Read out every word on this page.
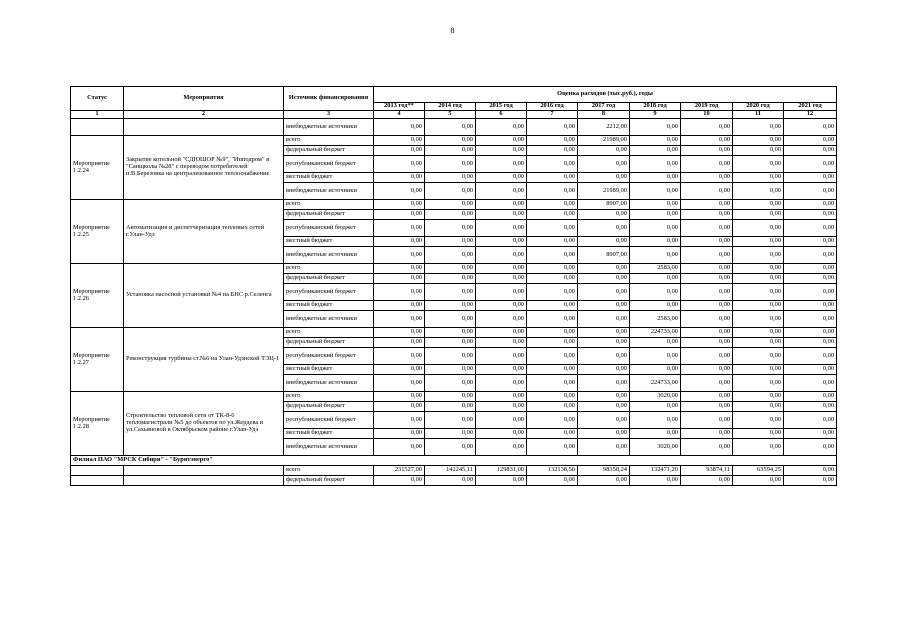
8
Статус	Мероприятия	Источник финансирования	Оценка расходов (тыс.руб.), годы								
			2013 год**	2014 год	2015 год	2016 год	2017 год	2018 год	2019 год	2020 год	2021 год
1	2	3	4	5	6	7	8	9	10	11	12
		внебюджетные источники	0,00	0,00	0,00	0,00	2212,00	0,00	0,00	0,00	0,00
Мероприятие 1.2.24	Закрытие котельной "СДЮШОР №9", "Ипподром" и "Санщколы №28" с переводом потребителей п.В.Березовка на централизованное теплоснабжение	всего	0,00	0,00	0,00	0,00	21989,00	0,00	0,00	0,00	0,00
		федеральный бюджет	0,00	0,00	0,00	0,00	0,00	0,00	0,00	0,00	0,00
		республиканский бюджет	0,00	0,00	0,00	0,00	0,00	0,00	0,00	0,00	0,00
		местный бюджет	0,00	0,00	0,00	0,00	0,00	0,00	0,00	0,00	0,00
		внебюджетные источники	0,00	0,00	0,00	0,00	21989,00	0,00	0,00	0,00	0,00
Мероприятие 1.2.25	Автоматизация и диспетчеризация тепловых сетей г.Улан-Удэ	всего	0,00	0,00	0,00	0,00	8907,00	0,00	0,00	0,00	0,00
		федеральный бюджет	0,00	0,00	0,00	0,00	0,00	0,00	0,00	0,00	0,00
		республиканский бюджет	0,00	0,00	0,00	0,00	0,00	0,00	0,00	0,00	0,00
		местный бюджет	0,00	0,00	0,00	0,00	0,00	0,00	0,00	0,00	0,00
		внебюджетные источники	0,00	0,00	0,00	0,00	8907,00	0,00	0,00	0,00	0,00
Мероприятие 1.2.26	Установка насосной установки №4 на БНС р.Селенга	всего	0,00	0,00	0,00	0,00	0,00	2583,00	0,00	0,00	0,00
		федеральный бюджет	0,00	0,00	0,00	0,00	0,00	0,00	0,00	0,00	0,00
		республиканский бюджет	0,00	0,00	0,00	0,00	0,00	0,00	0,00	0,00	0,00
		местный бюджет	0,00	0,00	0,00	0,00	0,00	0,00	0,00	0,00	0,00
		внебюджетные источники	0,00	0,00	0,00	0,00	0,00	2583,00	0,00	0,00	0,00
Мероприятие 1.2.27	Реконструкция турбины ст.№6 на Улан-Удэнской ТЭЦ-1	всего	0,00	0,00	0,00	0,00	0,00	224733,00	0,00	0,00	0,00
		федеральный бюджет	0,00	0,00	0,00	0,00	0,00	0,00	0,00	0,00	0,00
		республиканский бюджет	0,00	0,00	0,00	0,00	0,00	0,00	0,00	0,00	0,00
		местный бюджет	0,00	0,00	0,00	0,00	0,00	0,00	0,00	0,00	0,00
		внебюджетные источники	0,00	0,00	0,00	0,00	0,00	224733,00	0,00	0,00	0,00
Мероприятие 1.2.28	Строительство тепловой сети от ТК-8-6 тепломагистрали №5 до объектов по ул.Жердева и ул.Сахьяновой в Октябрьском районе г.Улан-Удэ	всего	0,00	0,00	0,00	0,00	0,00	3020,00	0,00	0,00	0,00
		федеральный бюджет	0,00	0,00	0,00	0,00	0,00	0,00	0,00	0,00	0,00
		республиканский бюджет	0,00	0,00	0,00	0,00	0,00	0,00	0,00	0,00	0,00
		местный бюджет	0,00	0,00	0,00	0,00	0,00	0,00	0,00	0,00	0,00
		внебюджетные источники	0,00	0,00	0,00	0,00	0,00	3020,00	0,00	0,00	0,00
Филиал ПАО "МРСК Сибири" - "Бурятэнерго"											
		всего	231527,00	142245,11	129831,00	132138,50	98358,24	132471,20	93874,11	63594,25	0,00
		федеральный бюджет	0,00	0,00	0,00	0,00	0,00	0,00	0,00	0,00	0,00
